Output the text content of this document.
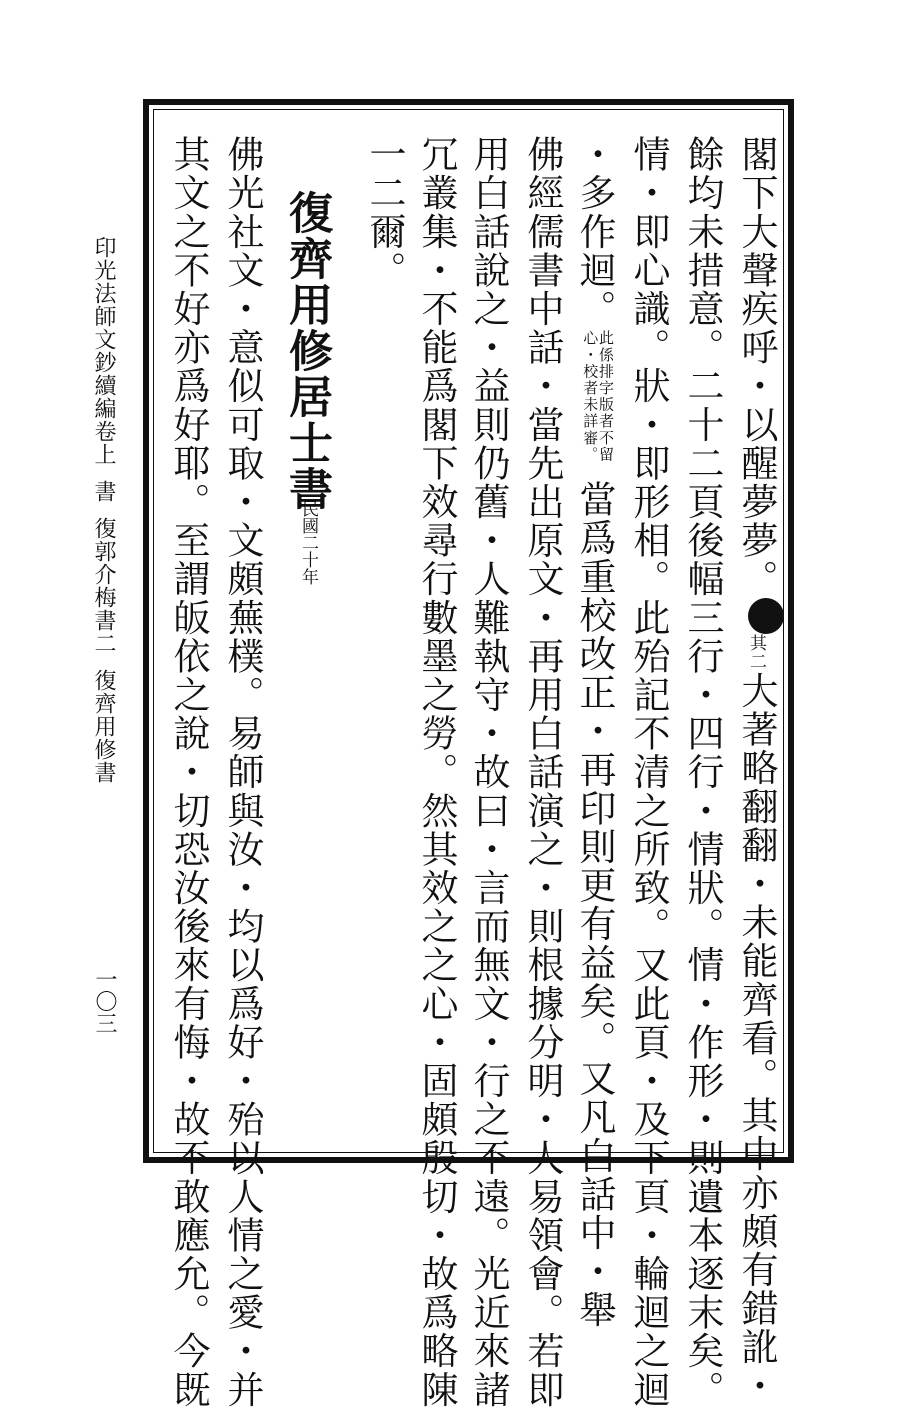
印光法師文鈔續編卷上書復郭介梅書二復齊用修書
一〇三
閣下大聲疾呼・以醒夢夢。其二大著略翻翻・未能齊看。其中亦頗有錯訛・
餘均未措意。二十二頁後幅三行・四行・情狀。情・作形・則遺本逐末矣。
情・即心識。狀・即形相。此殆記不清之所致。又此頁・及下頁・輪迴之迴
・多作迴。此係排字版者不留心・校者未詳審。當爲重校改正・再印則更有益矣。又凡白話中・舉
佛經儒書中話・當先出原文・再用白話演之・則根據分明・人易領會。若即
用白話說之・益則仍舊・人難執守・故曰・言而無文・行之不遠。光近來諸
冗叢集・不能爲閣下效尋行數墨之勞。然其效之之心・固頗殷切・故爲略陳
一二爾。
復齊用修居士書
民國二十年
佛光社文・意似可取・文頗蕪樸。易師與汝・均以爲好・殆以人情之愛・并
其文之不好亦爲好耶。至謂皈依之說・切恐汝後來有悔・故不敢應允。今既
